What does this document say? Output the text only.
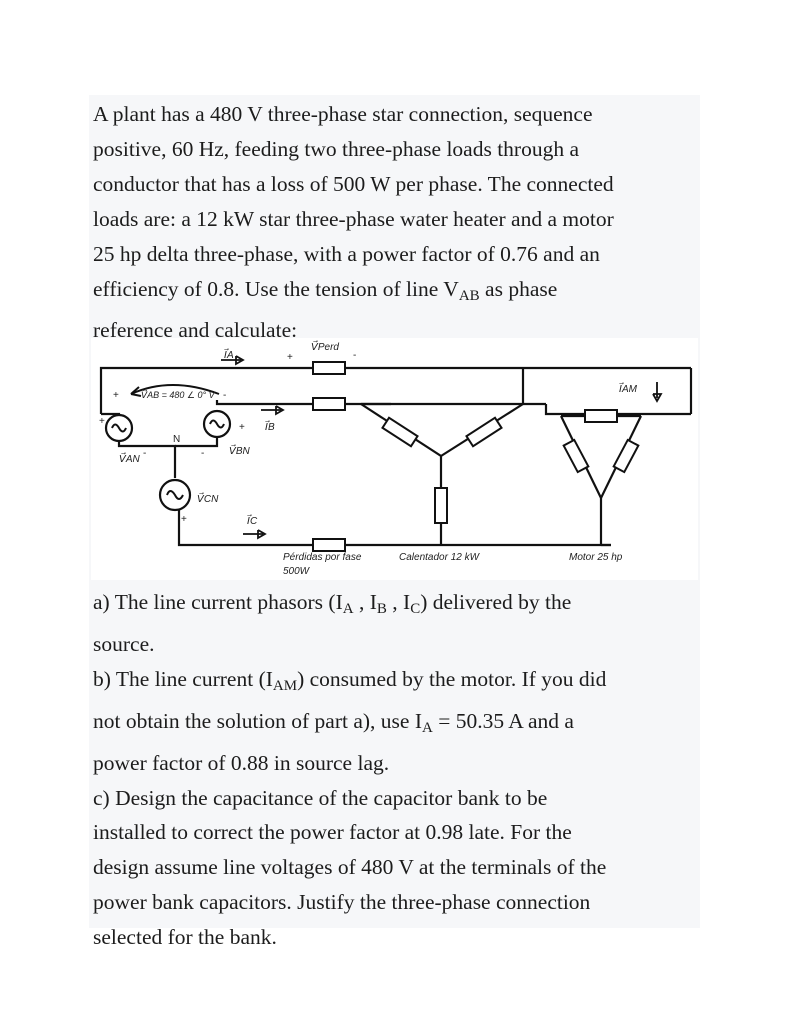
A plant has a 480 V three-phase star connection, sequence
positive, 60 Hz, feeding two three-phase loads through a
conductor that has a loss of 500 W per phase. The connected
loads are: a 12 kW star three-phase water heater and a motor
25 hp delta three-phase, with a power factor of 0.76 and an
efficiency of 0.8. Use the tension of line $V_{AB}$ as phase
reference and calculate:

I⃗A
I⃗B
I⃗C
V⃗Perd
V⃗AB = 480 ∠ 0° V
V⃗AN
V⃗BN
V⃗CN
N
I⃗AM
Pérdidas por fase
500W
Calentador 12 kW	Motor 25 hp
+	-
+	-
+
-
+
-
+

a) The line current phasors ($I_A$ , $I_B$ , $I_C$) delivered by the
source.
b) The line current $(I_{AM})$ consumed by the motor. If you did
not obtain the solution of part a), use $I_A = 50.35$ A and a
power factor of 0.88 in source lag.
c) Design the capacitance of the capacitor bank to be
installed to correct the power factor at 0.98 late. For the
design assume line voltages of 480 V at the terminals of the
power bank capacitors. Justify the three-phase connection
selected for the bank.
